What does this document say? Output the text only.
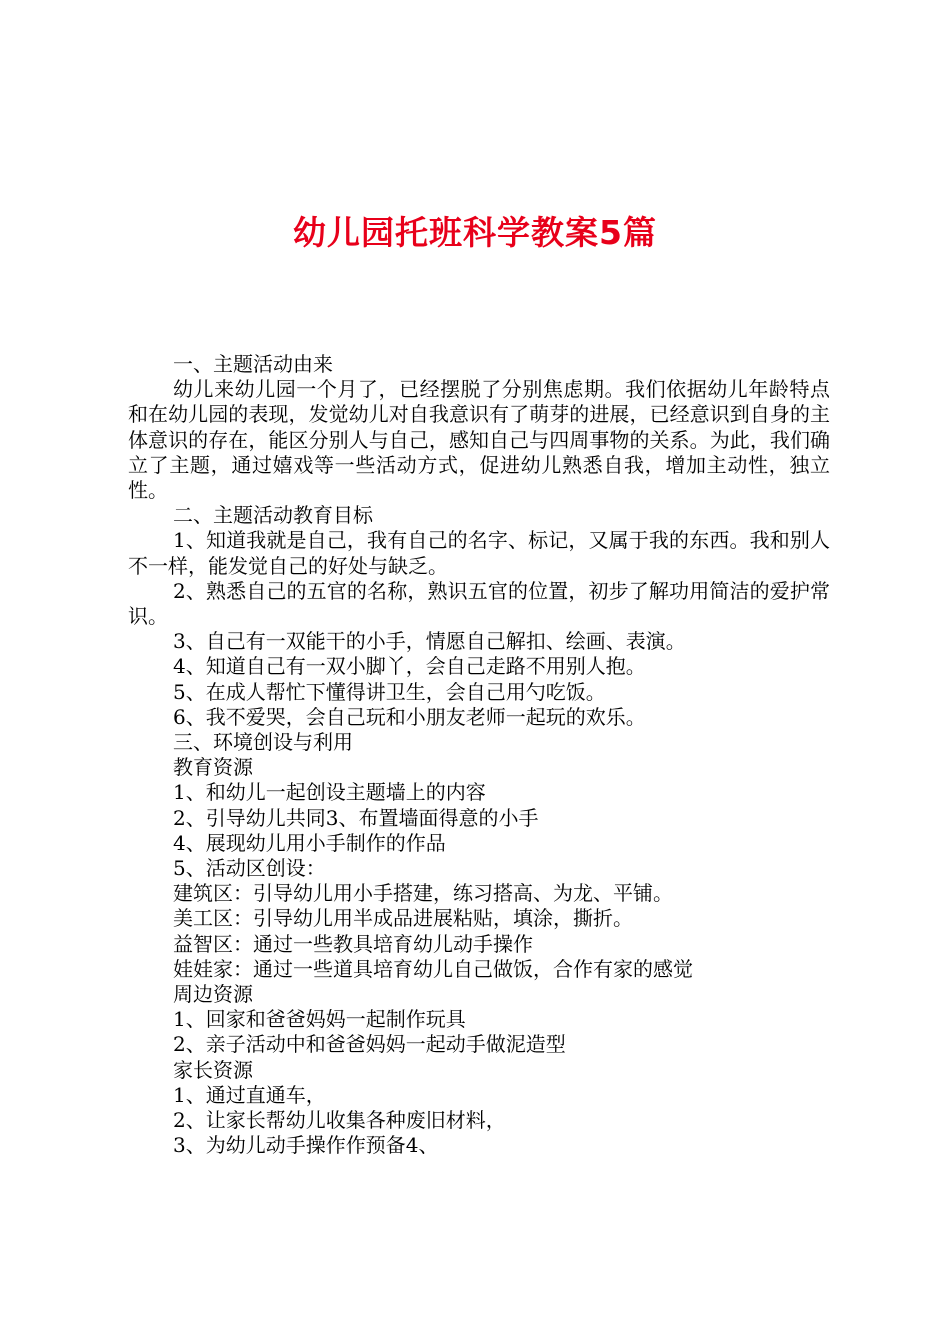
幼儿园托班科学教案5篇

一、主题活动由来

幼儿来幼儿园一个月了，已经摆脱了分别焦虑期。我们依据幼儿年龄特点和在幼儿园的表现，发觉幼儿对自我意识有了萌芽的进展，已经意识到自身的主体意识的存在，能区分别人与自己，感知自己与四周事物的关系。为此，我们确立了主题，通过嬉戏等一些活动方式，促进幼儿熟悉自我，增加主动性，独立性。

二、主题活动教育目标

1、知道我就是自己，我有自己的名字、标记，又属于我的东西。我和别人不一样，能发觉自己的好处与缺乏。

2、熟悉自己的五官的名称，熟识五官的位置，初步了解功用简洁的爱护常识。

3、自己有一双能干的小手，情愿自己解扣、绘画、表演。

4、知道自己有一双小脚丫，会自己走路不用别人抱。

5、在成人帮忙下懂得讲卫生，会自己用勺吃饭。

6、我不爱哭，会自己玩和小朋友老师一起玩的欢乐。

三、环境创设与利用

教育资源

1、和幼儿一起创设主题墙上的内容

2、引导幼儿共同3、布置墙面得意的小手

4、展现幼儿用小手制作的作品

5、活动区创设：

建筑区：引导幼儿用小手搭建，练习搭高、为龙、平铺。

美工区：引导幼儿用半成品进展粘贴，填涂，撕折。

益智区：通过一些教具培育幼儿动手操作

娃娃家：通过一些道具培育幼儿自己做饭，合作有家的感觉

周边资源

1、回家和爸爸妈妈一起制作玩具

2、亲子活动中和爸爸妈妈一起动手做泥造型

家长资源

1、通过直通车，

2、让家长帮幼儿收集各种废旧材料，

3、为幼儿动手操作作预备4、
